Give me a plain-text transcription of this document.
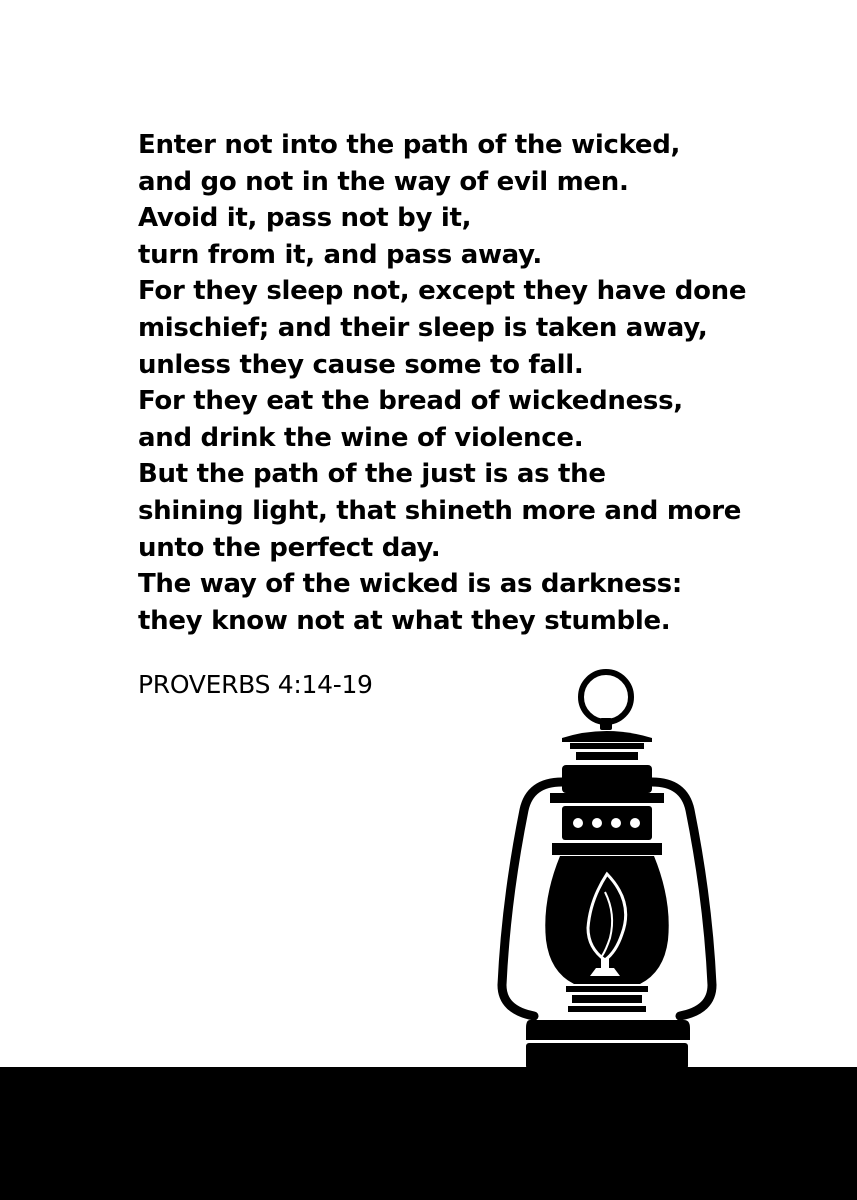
Enter not into the path of the wicked,
and go not in the way of evil men.
Avoid it, pass not by it,
turn from it, and pass away.
For they sleep not, except they have done
mischief; and their sleep is taken away,
unless they cause some to fall.
For they eat the bread of wickedness,
and drink the wine of violence.
But the path of the just is as the
shining light, that shineth more and more
unto the perfect day.
The way of the wicked is as darkness:
they know not at what they stumble.
PROVERBS 4:14-19
